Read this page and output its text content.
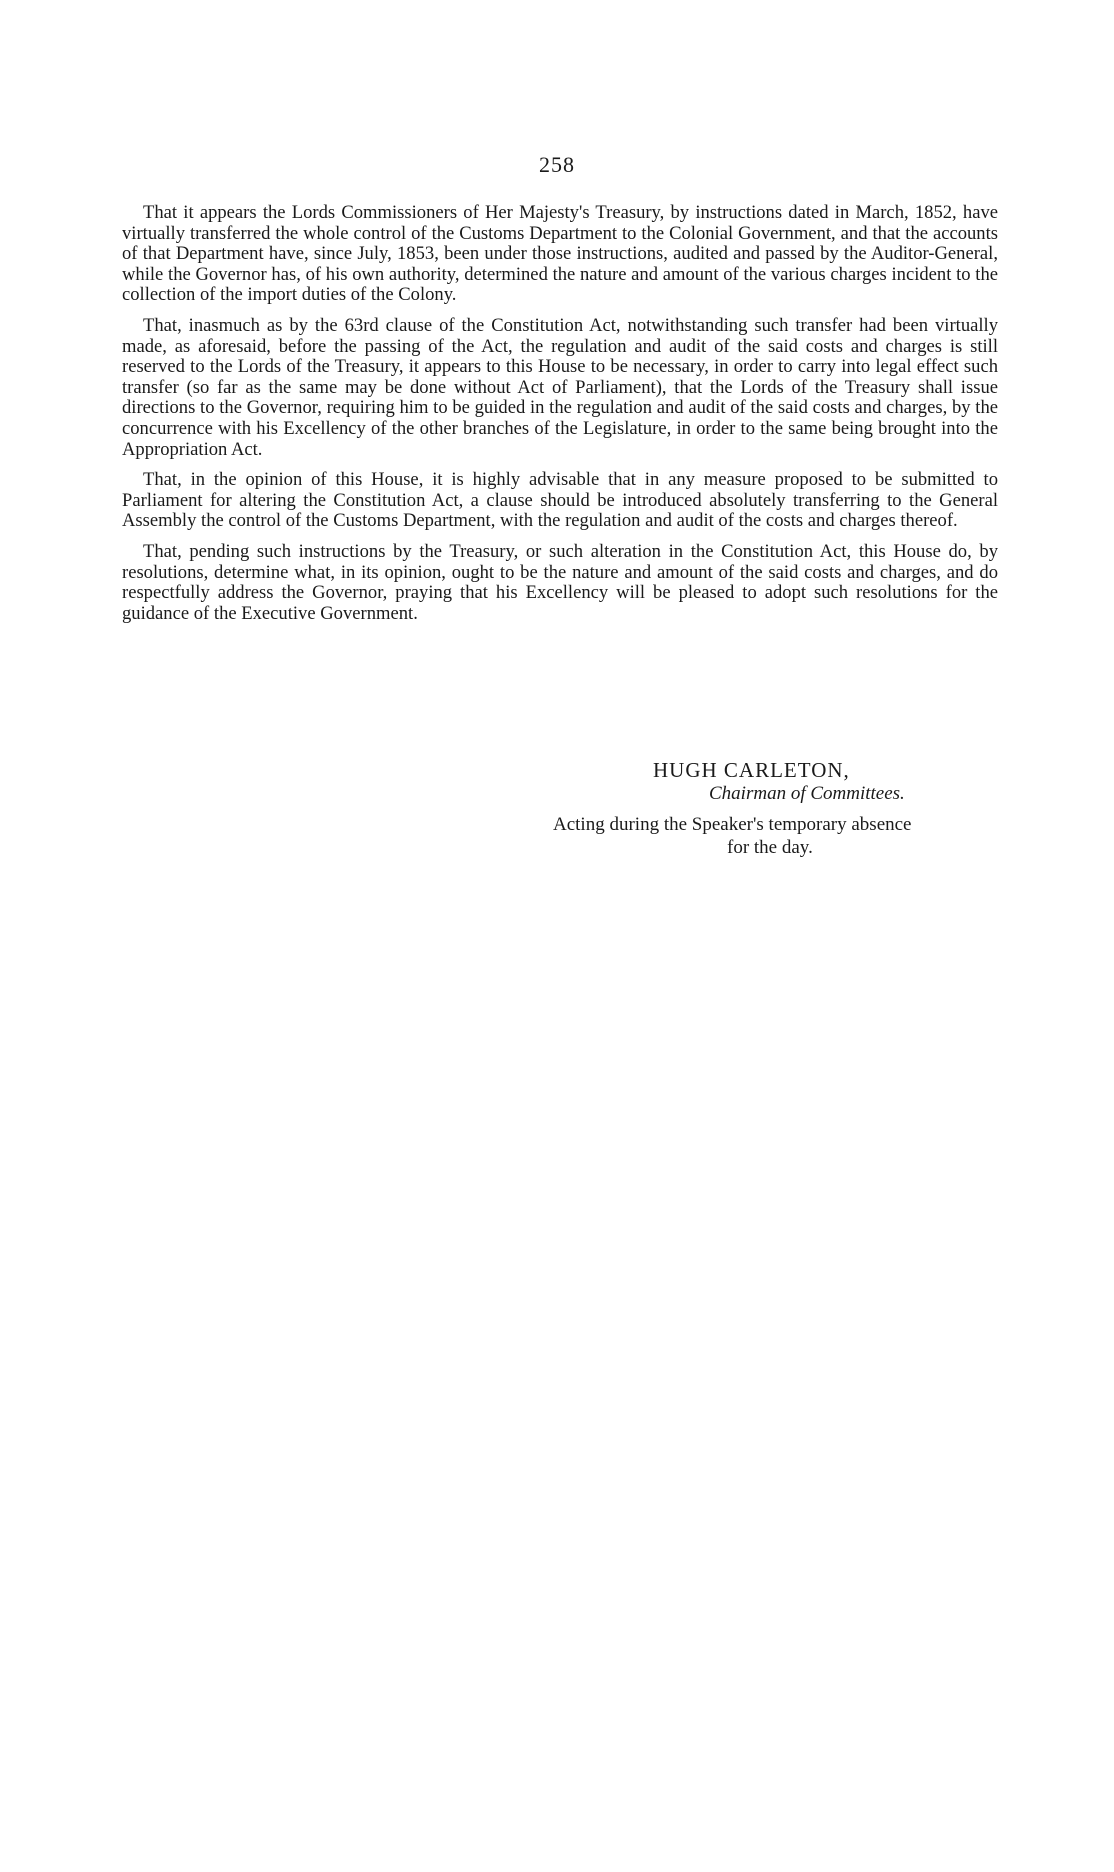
258

That it appears the Lords Commissioners of Her Majesty's Treasury, by instructions dated in March, 1852, have virtually transferred the whole control of the Customs Department to the Colonial Government, and that the accounts of that Department have, since July, 1853, been under those instructions, audited and passed by the Auditor-General, while the Governor has, of his own authority, determined the nature and amount of the various charges incident to the collection of the import duties of the Colony.

That, inasmuch as by the 63rd clause of the Constitution Act, notwithstanding such transfer had been virtually made, as aforesaid, before the passing of the Act, the regulation and audit of the said costs and charges is still reserved to the Lords of the Treasury, it appears to this House to be necessary, in order to carry into legal effect such transfer (so far as the same may be done without Act of Parliament), that the Lords of the Treasury shall issue directions to the Governor, requiring him to be guided in the regulation and audit of the said costs and charges, by the concurrence with his Excellency of the other branches of the Legislature, in order to the same being brought into the Appropriation Act.

That, in the opinion of this House, it is highly advisable that in any measure proposed to be submitted to Parliament for altering the Constitution Act, a clause should be introduced absolutely transferring to the General Assembly the control of the Customs Department, with the regulation and audit of the costs and charges thereof.

That, pending such instructions by the Treasury, or such alteration in the Constitution Act, this House do, by resolutions, determine what, in its opinion, ought to be the nature and amount of the said costs and charges, and do respectfully address the Governor, praying that his Excellency will be pleased to adopt such resolutions for the guidance of the Executive Government.

HUGH CARLETON,
Chairman of Committees.
Acting during the Speaker's temporary absence
for the day.
